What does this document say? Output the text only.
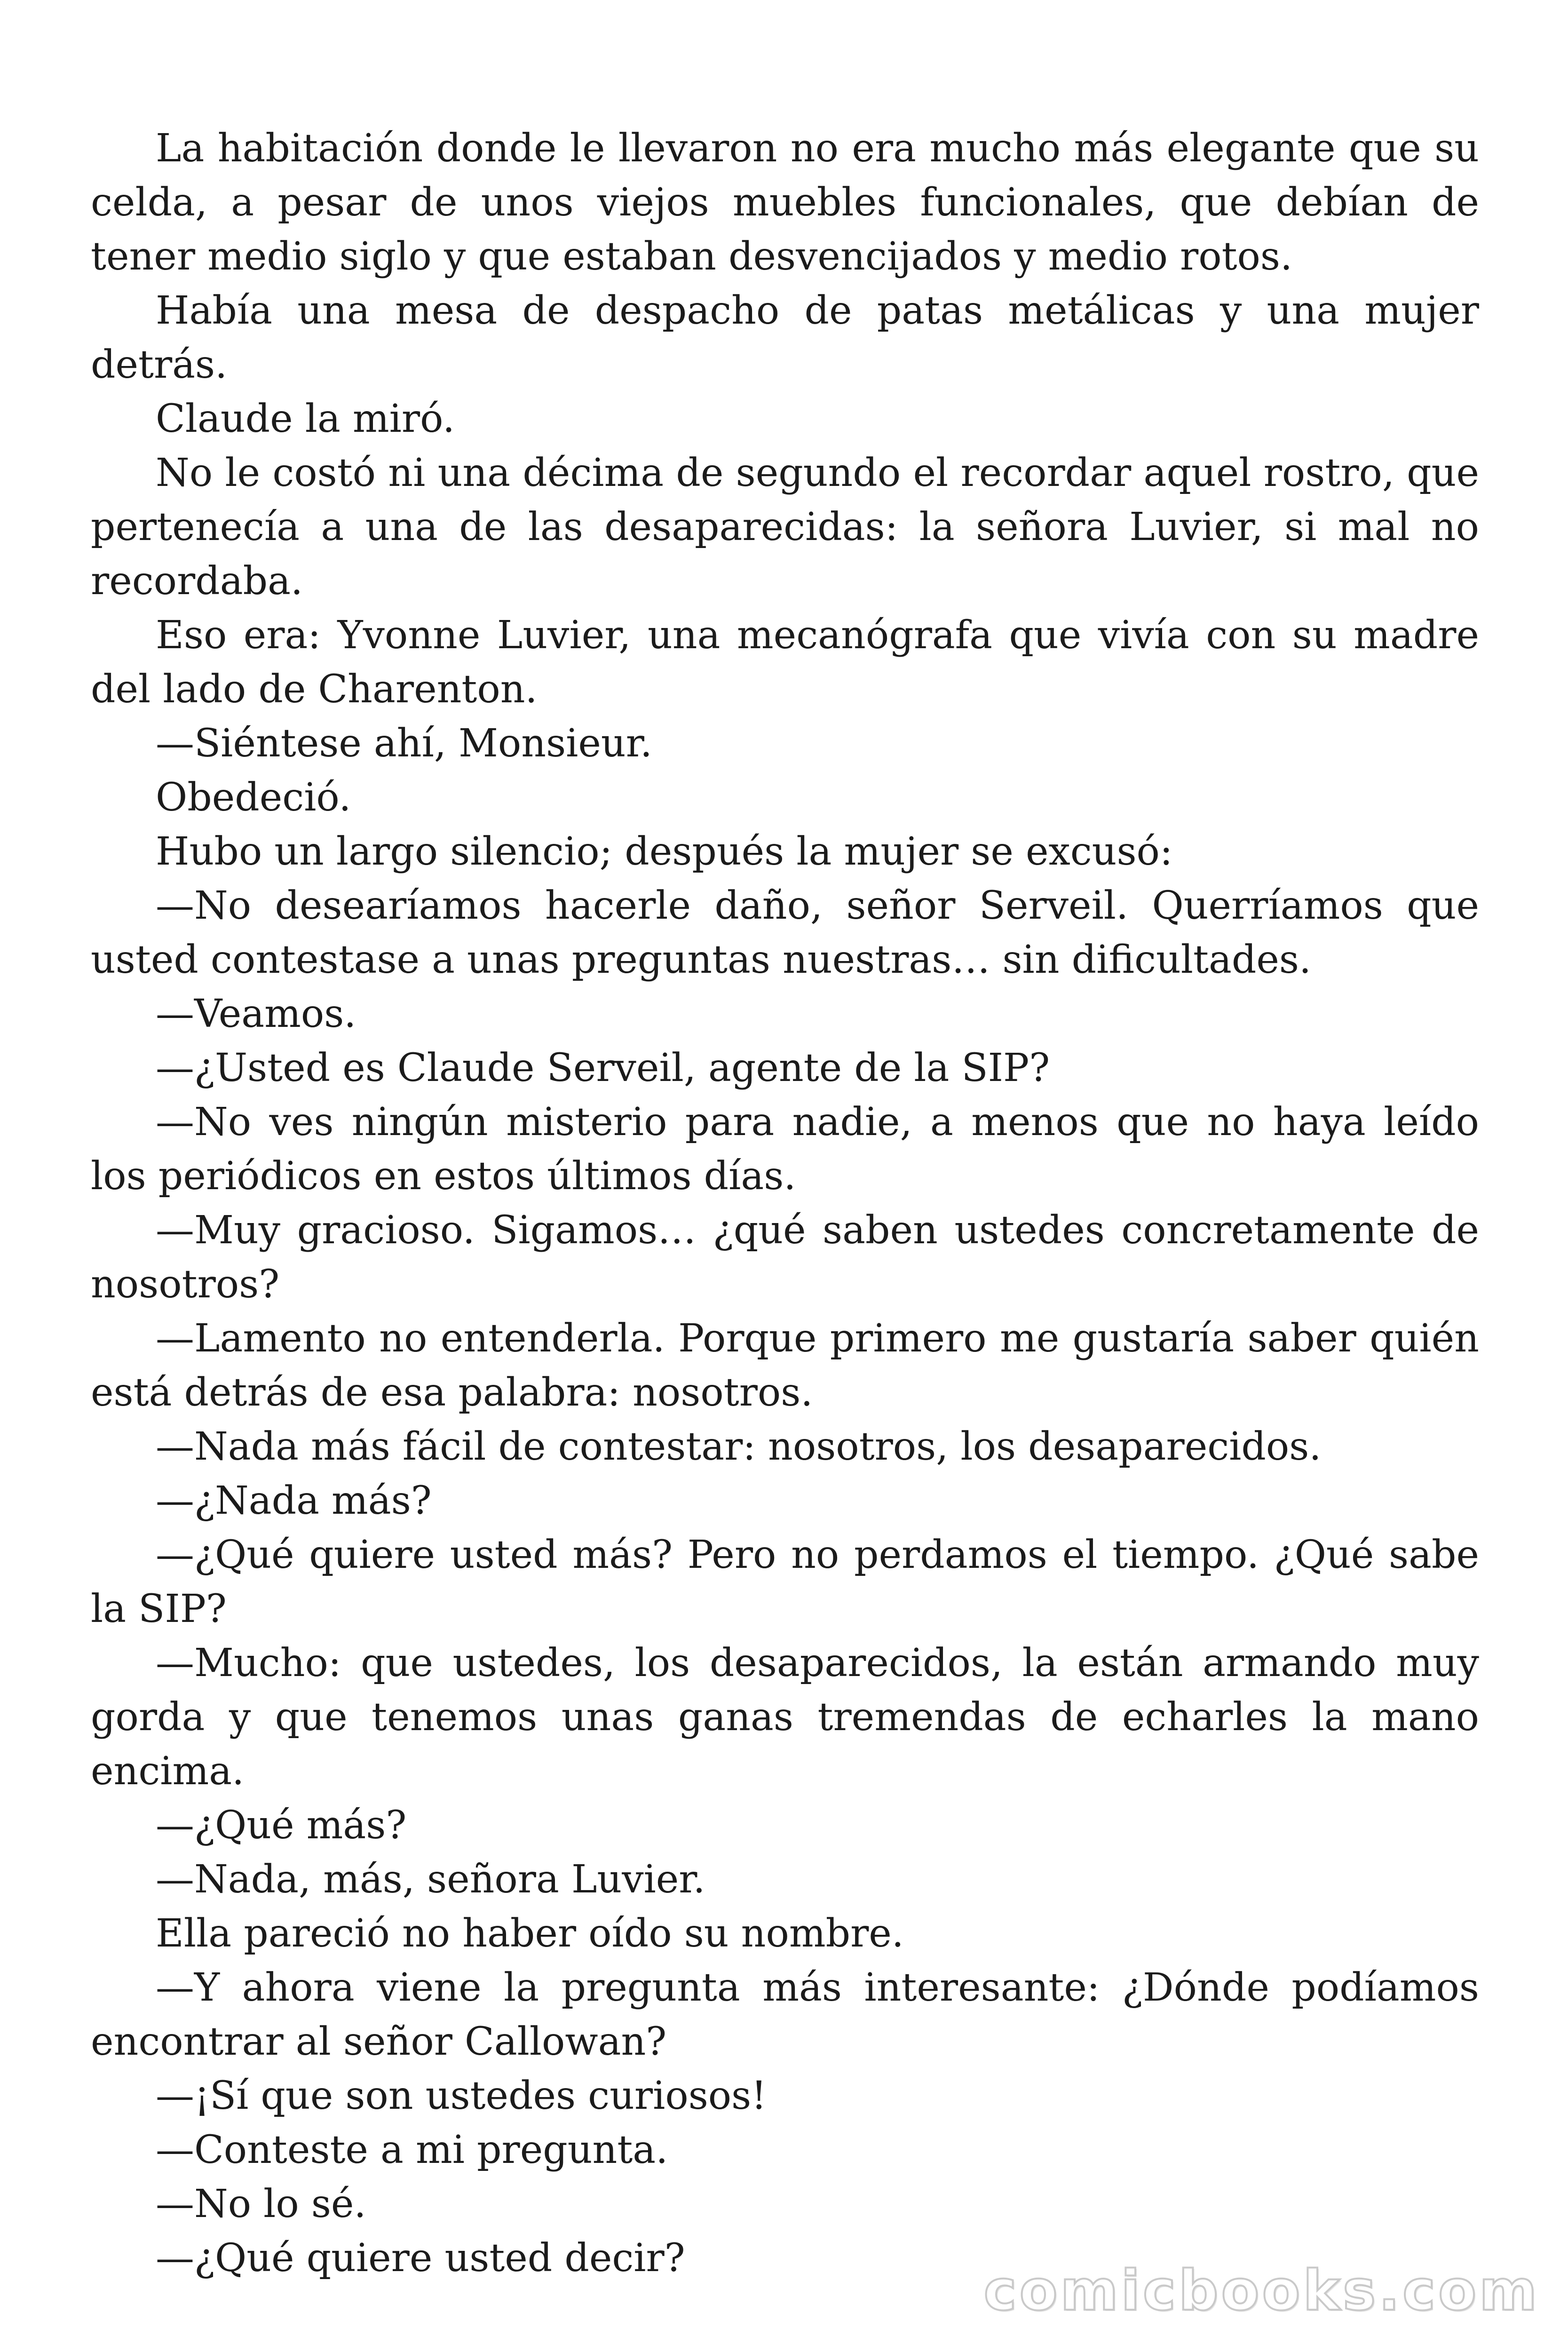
La habitación donde le llevaron no era mucho más elegante que su celda, a pesar de unos viejos muebles funcionales, que debían de tener medio siglo y que estaban desvencijados y medio rotos.

Había una mesa de despacho de patas metálicas y una mujer detrás.

Claude la miró.

No le costó ni una décima de segundo el recordar aquel rostro, que pertenecía a una de las desaparecidas: la señora Luvier, si mal no recordaba.

Eso era: Yvonne Luvier, una mecanógrafa que vivía con su madre del lado de Charenton.

—Siéntese ahí, Monsieur.

Obedeció.

Hubo un largo silencio; después la mujer se excusó:

—No desearíamos hacerle daño, señor Serveil. Querríamos que usted contestase a unas preguntas nuestras… sin dificultades.

—Veamos.

—¿Usted es Claude Serveil, agente de la SIP?

—No ves ningún misterio para nadie, a menos que no haya leído los periódicos en estos últimos días.

—Muy gracioso. Sigamos… ¿qué saben ustedes concretamente de nosotros?

—Lamento no entenderla. Porque primero me gustaría saber quién está detrás de esa palabra: nosotros.

—Nada más fácil de contestar: nosotros, los desaparecidos.

—¿Nada más?

—¿Qué quiere usted más? Pero no perdamos el tiempo. ¿Qué sabe la SIP?

—Mucho: que ustedes, los desaparecidos, la están armando muy gorda y que tenemos unas ganas tremendas de echarles la mano encima.

—¿Qué más?

—Nada, más, señora Luvier.

Ella pareció no haber oído su nombre.

—Y ahora viene la pregunta más interesante: ¿Dónde podíamos encontrar al señor Callowan?

—¡Sí que son ustedes curiosos!

—Conteste a mi pregunta.

—No lo sé.

—¿Qué quiere usted decir?	comicbooks.com
